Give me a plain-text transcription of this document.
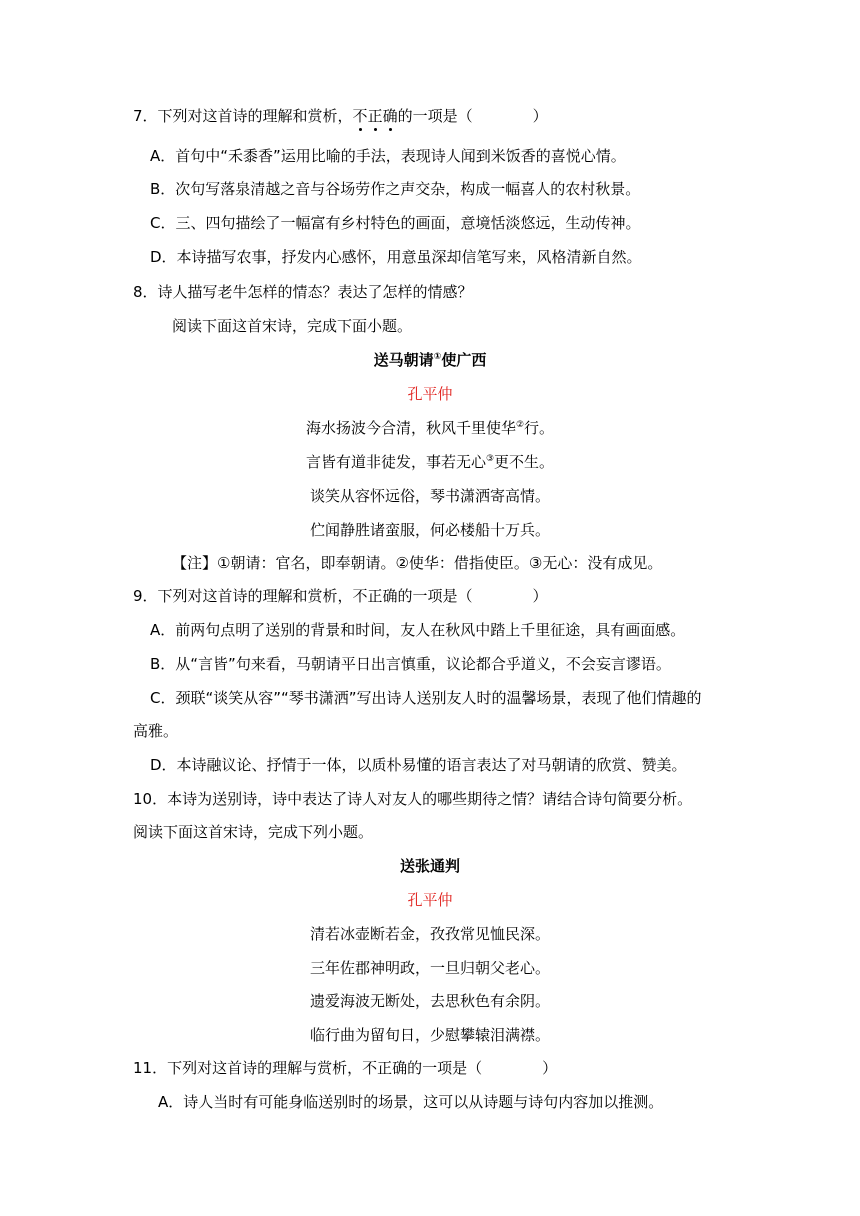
7．下列对这首诗的理解和赏析，不正确的一项是（　　　　）
A．首句中“禾黍香”运用比喻的手法，表现诗人闻到米饭香的喜悦心情。
B．次句写落泉清越之音与谷场劳作之声交杂，构成一幅喜人的农村秋景。
C．三、四句描绘了一幅富有乡村特色的画面，意境恬淡悠远，生动传神。
D．本诗描写农事，抒发内心感怀，用意虽深却信笔写来，风格清新自然。
8．诗人描写老牛怎样的情态？表达了怎样的情感？
阅读下面这首宋诗，完成下面小题。
送马朝请①使广西
孔平仲
海水扬波今合清，秋风千里使华②行。
言皆有道非徒发，事若无心③更不生。
谈笑从容怀远俗，琴书潇洒寄高情。
伫闻静胜诸蛮服，何必楼船十万兵。
【注】①朝请：官名，即奉朝请。②使华：借指使臣。③无心：没有成见。
9．下列对这首诗的理解和赏析，不正确的一项是（　　　　）
A．前两句点明了送别的背景和时间，友人在秋风中踏上千里征途，具有画面感。
B．从“言皆”句来看，马朝请平日出言慎重，议论都合乎道义，不会妄言谬语。
C．颈联“谈笑从容”“琴书潇洒”写出诗人送别友人时的温馨场景，表现了他们情趣的
高雅。
D．本诗融议论、抒情于一体，以质朴易懂的语言表达了对马朝请的欣赏、赞美。
10．本诗为送别诗，诗中表达了诗人对友人的哪些期待之情？请结合诗句简要分析。
阅读下面这首宋诗，完成下列小题。
送张通判
孔平仲
清若冰壶断若金，孜孜常见恤民深。
三年佐郡神明政，一旦归朝父老心。
遗爱海波无断处，去思秋色有余阴。
临行曲为留旬日，少慰攀辕泪满襟。
11．下列对这首诗的理解与赏析，不正确的一项是（　　　　）
A．诗人当时有可能身临送别时的场景，这可以从诗题与诗句内容加以推测。
